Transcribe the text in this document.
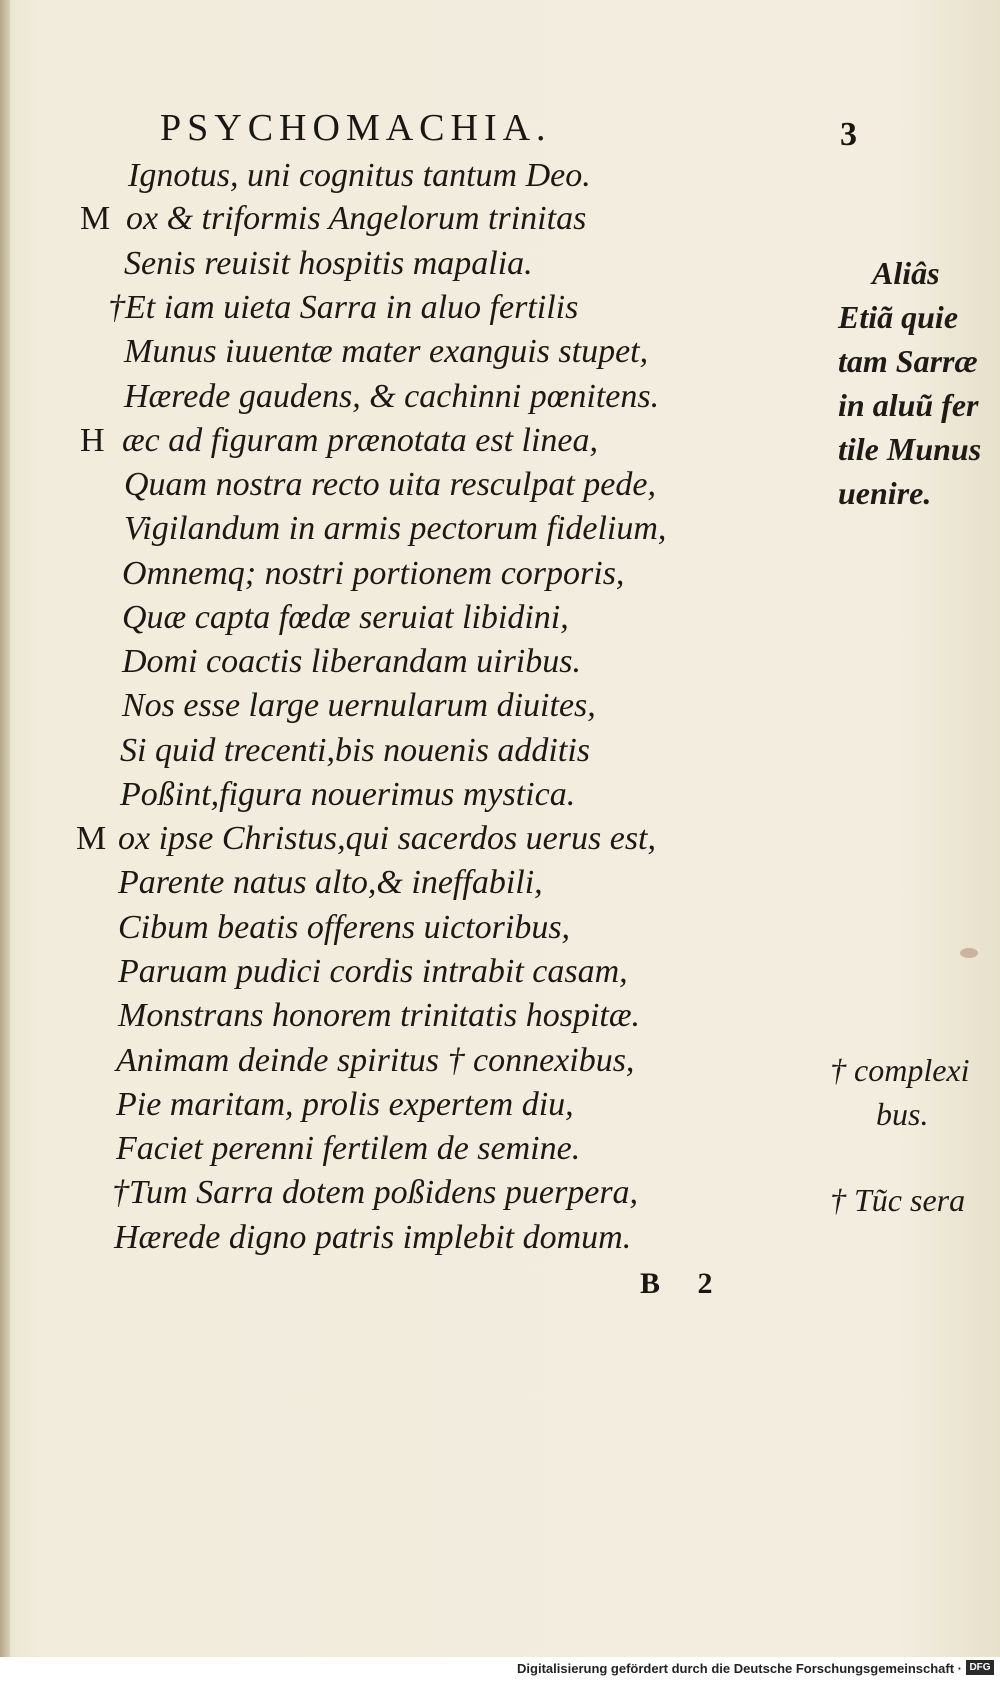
PSYCHOMACHIA.	3
Ignotus, uni cognitus tantum Deo.
M ox & triformis Angelorum trinitas
Senis reuisit hospitis mapalia.
†Et iam uieta Sarra in aluo fertilis
Munus iuuentæ mater exanguis stupet,
Hærede gaudens, & cachinni pœnitens.
H æc ad figuram prænotata est linea,
Quam nostra recto uita resculpat pede,
Vigilandum in armis pectorum fidelium,
Omnemq; nostri portionem corporis,
Quæ capta fœdæ seruiat libidini,
Domi coactis liberandam uiribus.
Nos esse large uernularum diuites,
Si quid trecenti,bis nouenis additis
Poßint,figura nouerimus mystica.
M ox ipse Christus,qui sacerdos uerus est,
Parente natus alto,& ineffabili,
Cibum beatis offerens uictoribus,
Paruam pudici cordis intrabit casam,
Monstrans honorem trinitatis hospitæ.
Animam deinde spiritus † connexibus,
Pie maritam, prolis expertem diu,
Faciet perenni fertilem de semine.
†Tum Sarra dotem poßidens puerpera,
Hærede digno patris implebit domum.
Aliâs
Etiã quie
tam Sarræ
in aluũ fer
tile Munus
uenire.
† complexi
bus.
† Tũc sera
B 2
Digitalisierung gefördert durch die Deutsche Forschungsgemeinschaft · DFG
